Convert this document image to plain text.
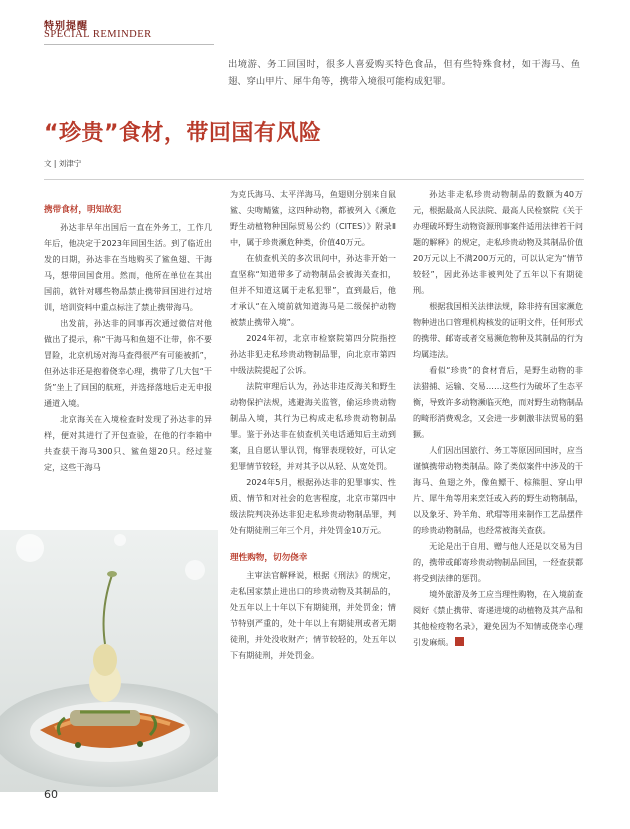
特别提醒
SPECIAL REMINDER
出境游、务工回国时，很多人喜爱购买特色食品，但有些特殊食材，如干海马、鱼翅、穿山甲片、犀牛角等，携带入境很可能构成犯罪。
“珍贵”食材，带回国有风险
文 | 刘津宁
携带食材，明知故犯

孙达非早年出国后一直在外务工，工作几年后，他决定于2023年回国生活。到了临近出发的日期，孙达非在当地购买了鲨鱼翅、干海马，想带回国食用。然而，他所在单位在其出国前，就针对哪些物品禁止携带回国进行过培训，培训资料中重点标注了禁止携带海马。

出发前，孙达非的同事再次通过微信对他做出了提示，称“干海马和鱼翅不让带，你不要冒险，北京机场对海马查得很严有可能被抓”，但孙达非还是抱着侥幸心理，携带了几大包“干货”坐上了回国的航班，并选择落地后走无申报通道入境。

北京海关在入境检查时发现了孙达非的异样，便对其进行了开包查验，在他的行李箱中共查获干海马300只、鲨鱼翅20只。经过鉴定，这些干海马

为克氏海马、太平洋海马，鱼翅则分别来自鼠鲨、尖吻鲭鲨，这四种动物，都被列入《濒危野生动植物种国际贸易公约（CITES）》附录Ⅱ中，属于珍贵濒危种类，价值40万元。

在侦查机关的多次讯问中，孙达非开始一直坚称“知道带多了动物制品会被海关查扣，但并不知道这属于走私犯罪”，直到最后，他才承认“在入境前就知道海马是二级保护动物被禁止携带入境”。

2024年初，北京市检察院第四分院指控孙达非犯走私珍贵动物制品罪，向北京市第四中级法院提起了公诉。

法院审理后认为，孙达非违反海关和野生动物保护法规，逃避海关监管，偷运珍贵动物制品入境，其行为已构成走私珍贵动物制品罪。鉴于孙达非在侦查机关电话通知后主动到案，且自愿认罪认罚，悔罪表现较好，可认定犯罪情节较轻，并对其予以从轻、从宽处罚。

2024年5月，根据孙达非的犯罪事实、性质、情节和对社会的危害程度，北京市第四中级法院判决孙达非犯走私珍贵动物制品罪，判处有期徒刑三年三个月，并处罚金10万元。

理性购物，切勿侥幸

主审法官解释说，根据《刑法》的规定，走私国家禁止进出口的珍贵动物及其制品的，处五年以上十年以下有期徒刑，并处罚金；情节特别严重的，处十年以上有期徒刑或者无期徒刑，并处没收财产；情节较轻的，处五年以下有期徒刑，并处罚金。

孙达非走私珍贵动物制品的数额为40万元，根据最高人民法院、最高人民检察院《关于办理破坏野生动物资源刑事案件适用法律若干问题的解释》的规定，走私珍贵动物及其制品价值20万元以上不满200万元的，可以认定为“情节较轻”，因此孙达非被判处了五年以下有期徒刑。

根据我国相关法律法规，除非持有国家濒危物种进出口管理机构核发的证明文件，任何形式的携带、邮寄或者交易濒危物种及其制品的行为均属违法。

看似“珍贵”的食材背后，是野生动物的非法猎捕、运输、交易……这些行为破坏了生态平衡，导致许多动物濒临灭绝，而对野生动物制品的畸形消费观念，又会进一步刺激非法贸易的猖獗。

人们因出国旅行、务工等原因回国时，应当谨慎携带动物类制品。除了类似案件中涉及的干海马、鱼翅之外，像鱼鳔干、棕熊胆、穿山甲片、犀牛角等用来烹饪或入药的野生动物制品，以及象牙、羚羊角、玳瑁等用来制作工艺品摆件的珍贵动物制品，也经常被海关查获。

无论是出于自用、赠与他人还是以交易为目的，携带或邮寄珍贵动物制品回国，一经查获都将受到法律的惩罚。

境外旅游及务工应当理性购物，在入境前查阅好《禁止携带、寄递进境的动植物及其产品和其他检疫物名录》，避免因为不知情或侥幸心理引发麻烦。

60
